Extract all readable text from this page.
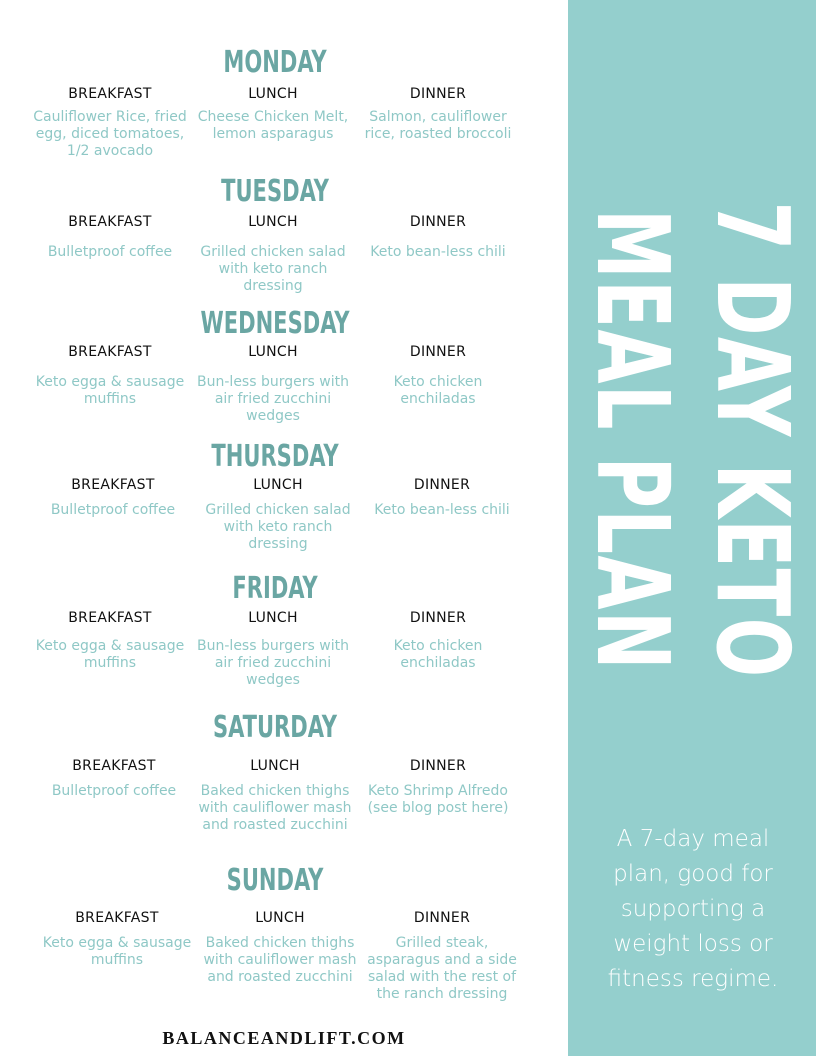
7 DAY KETO
MEAL PLAN
A 7-day meal plan, good for supporting a weight loss or fitness regime.
MONDAY
BREAKFAST
Cauliflower Rice, fried egg, diced tomatoes, 1/2 avocado
LUNCH
Cheese Chicken Melt, lemon asparagus
DINNER
Salmon, cauliflower rice, roasted broccoli
TUESDAY
BREAKFAST
Bulletproof coffee
LUNCH
Grilled chicken salad with keto ranch dressing
DINNER
Keto bean-less chili
WEDNESDAY
BREAKFAST
Keto egga & sausage muffins
LUNCH
Bun-less burgers with air fried zucchini wedges
DINNER
Keto chicken enchiladas
THURSDAY
BREAKFAST
Bulletproof coffee
LUNCH
Grilled chicken salad with keto ranch dressing
DINNER
Keto bean-less chili
FRIDAY
BREAKFAST
Keto egga & sausage muffins
LUNCH
Bun-less burgers with air fried zucchini wedges
DINNER
Keto chicken enchiladas
SATURDAY
BREAKFAST
Bulletproof coffee
LUNCH
Baked chicken thighs with cauliflower mash and roasted zucchini
DINNER
Keto Shrimp Alfredo (see blog post here)
SUNDAY
BREAKFAST
Keto egga & sausage muffins
LUNCH
Baked chicken thighs with cauliflower mash and roasted zucchini
DINNER
Grilled steak, asparagus and a side salad with the rest of the ranch dressing
BALANCEANDLIFT.COM
